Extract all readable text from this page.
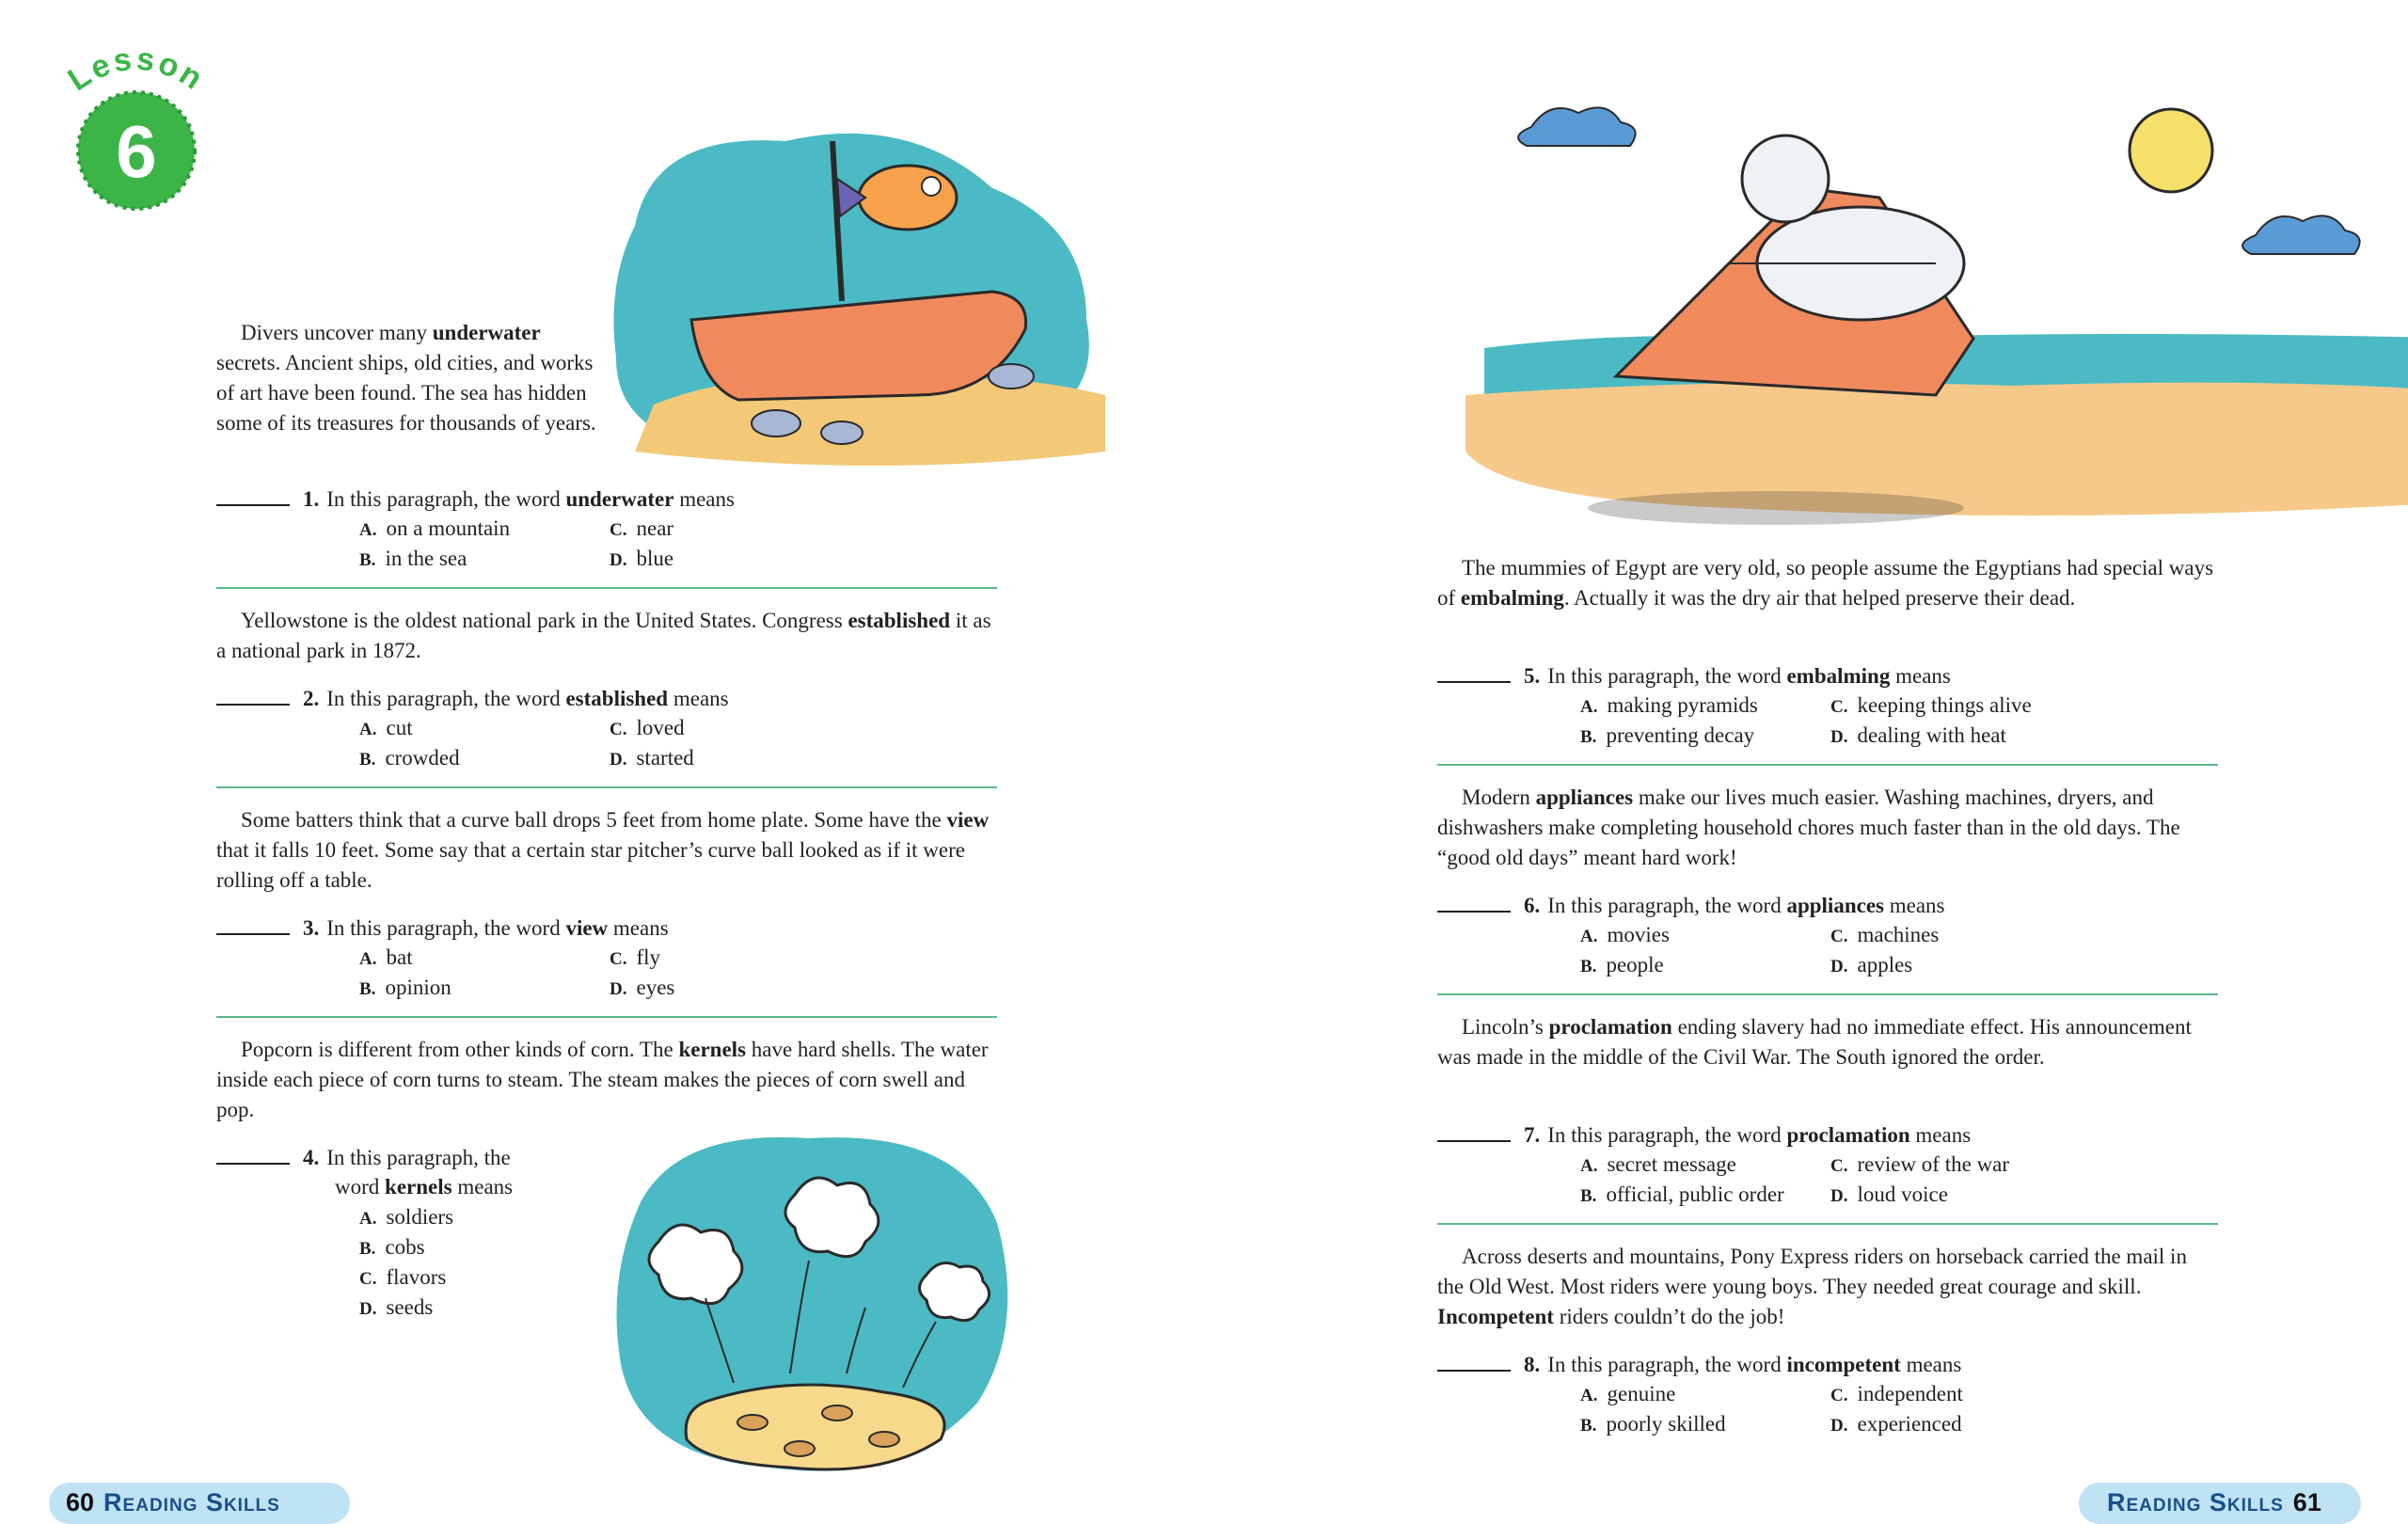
6
Lesson
Divers uncover many underwater secrets. Ancient ships, old cities, and works of art have been found. The sea has hidden some of its treasures for thousands of years.
1. In this paragraph, the word underwater means
A. on a mountain
B. in the sea
C. near
D. blue
Yellowstone is the oldest national park in the United States. Congress established it as a national park in 1872.
2. In this paragraph, the word established means
A. cut
B. crowded
C. loved
D. started
Some batters think that a curve ball drops 5 feet from home plate. Some have the view that it falls 10 feet. Some say that a certain star pitcher’s curve ball looked as if it were rolling off a table.
3. In this paragraph, the word view means
A. bat
B. opinion
C. fly
D. eyes
Popcorn is different from other kinds of corn. The kernels have hard shells. The water inside each piece of corn turns to steam. The steam makes the pieces of corn swell and pop.
4. In this paragraph, the
word kernels means
A. soldiers
B. cobs
C. flavors
D. seeds
60 Reading Skills
The mummies of Egypt are very old, so people assume the Egyptians had special ways of embalming. Actually it was the dry air that helped preserve their dead.
5. In this paragraph, the word embalming means
A. making pyramids
B. preventing decay
C. keeping things alive
D. dealing with heat
Modern appliances make our lives much easier. Washing machines, dryers, and dishwashers make completing household chores much faster than in the old days. The “good old days” meant hard work!
6. In this paragraph, the word appliances means
A. movies
B. people
C. machines
D. apples
Lincoln’s proclamation ending slavery had no immediate effect. His announcement was made in the middle of the Civil War. The South ignored the order.
7. In this paragraph, the word proclamation means
A. secret message
B. official, public order
C. review of the war
D. loud voice
Across deserts and mountains, Pony Express riders on horseback carried the mail in the Old West. Most riders were young boys. They needed great courage and skill. Incompetent riders couldn’t do the job!
8. In this paragraph, the word incompetent means
A. genuine
B. poorly skilled
C. independent
D. experienced
Reading Skills 61
